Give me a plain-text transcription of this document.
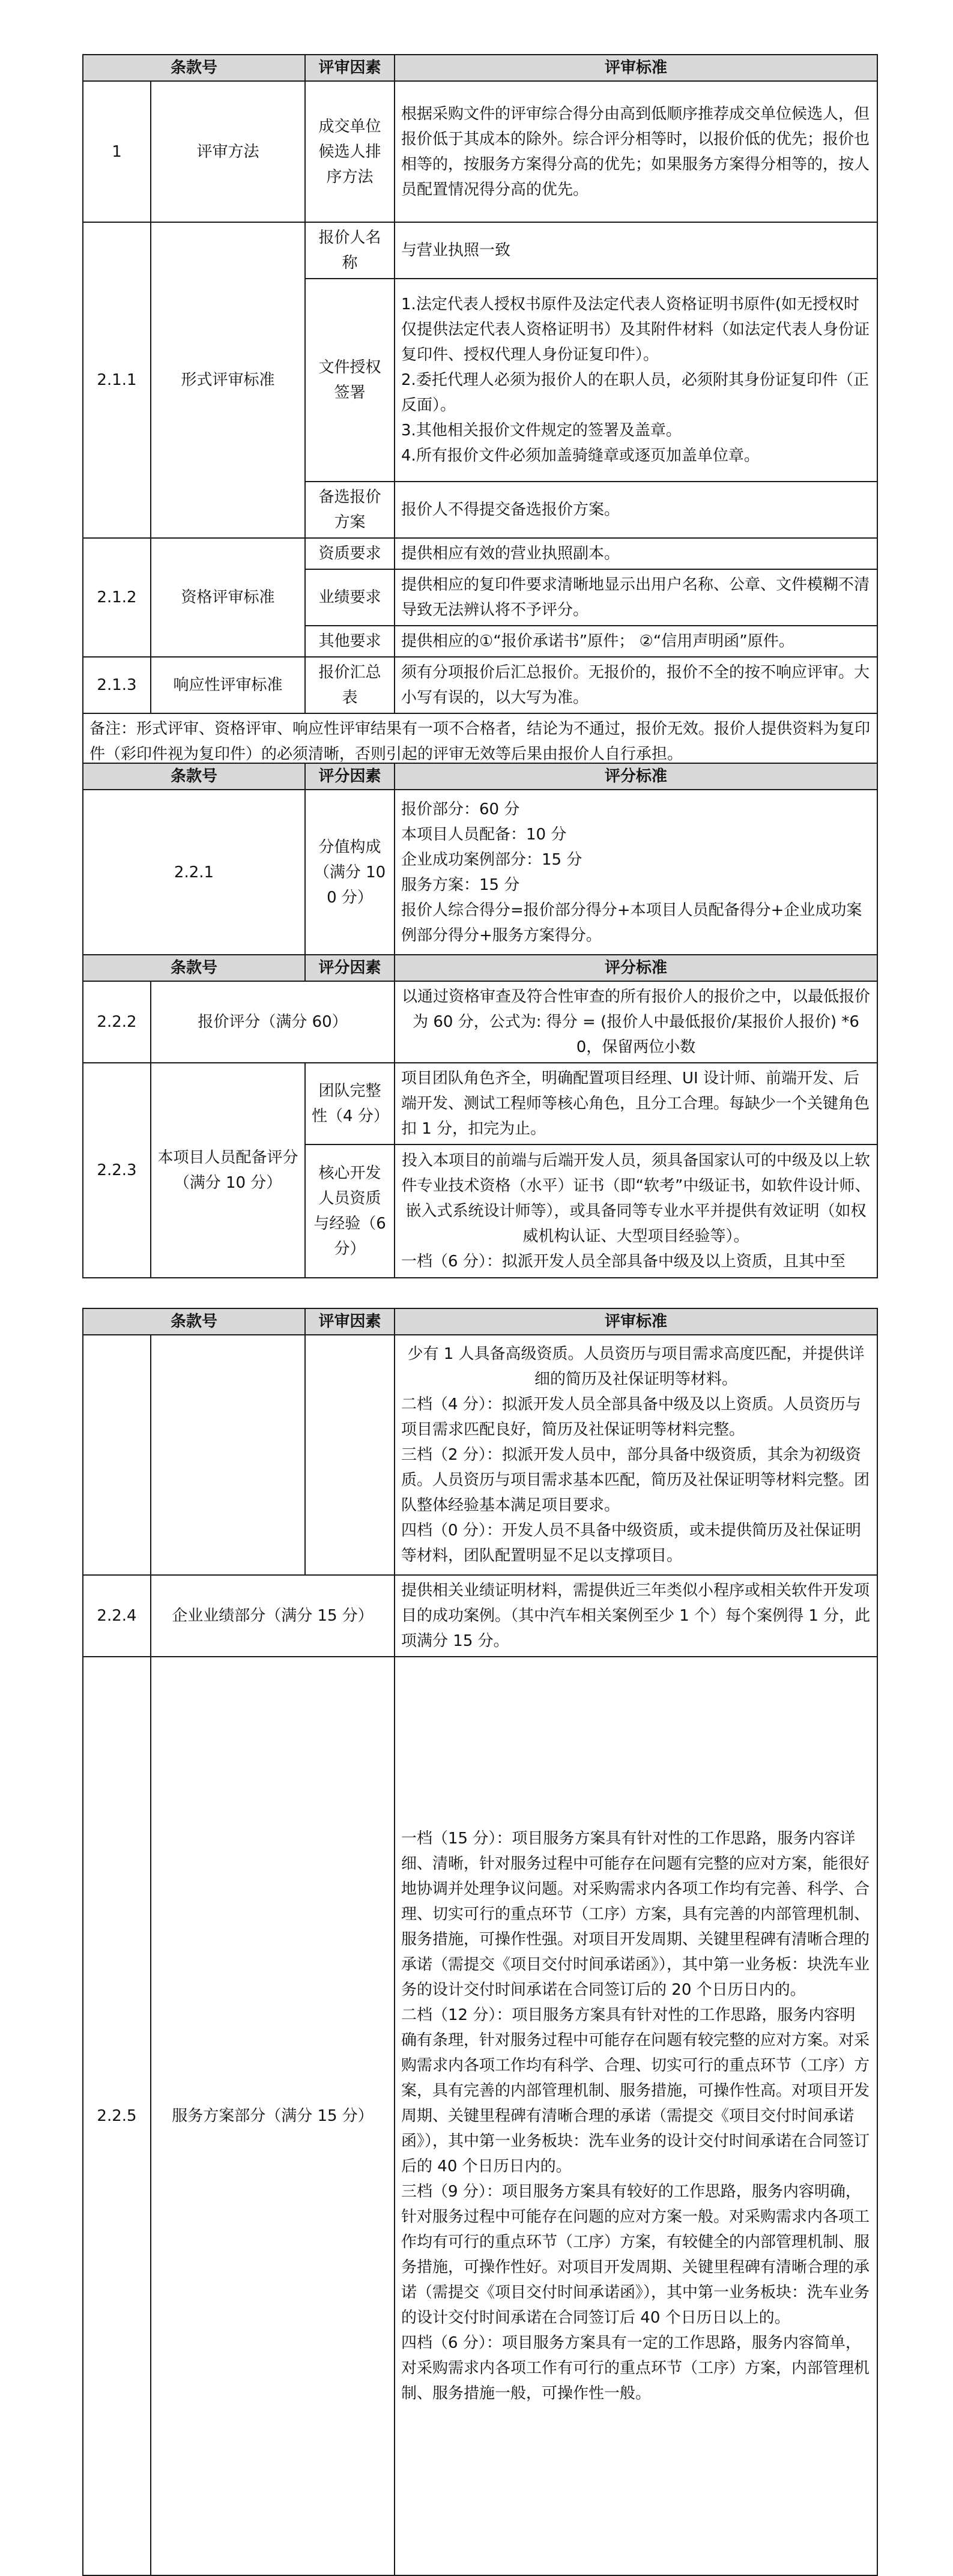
条款号		评审因素	评审标准
1	评审方法	成交单位候选人排序方法	根据采购文件的评审综合得分由高到低顺序推荐成交单位候选人，但报价低于其成本的除外。综合评分相等时，以报价低的优先；报价也相等的，按服务方案得分高的优先；如果服务方案得分相等的，按人员配置情况得分高的优先。
2.1.1	形式评审标准	报价人名称	与营业执照一致
		文件授权签署	1.法定代表人授权书原件及法定代表人资格证明书原件(如无授权时仅提供法定代表人资格证明书）及其附件材料（如法定代表人身份证复印件、授权代理人身份证复印件）。
2.委托代理人必须为报价人的在职人员，必须附其身份证复印件（正反面）。
3.其他相关报价文件规定的签署及盖章。
4.所有报价文件必须加盖骑缝章或逐页加盖单位章。

		备选报价方案	报价人不得提交备选报价方案。
2.1.2	资格评审标准	资质要求	提供相应有效的营业执照副本。
		业绩要求	提供相应的复印件要求清晰地显示出用户名称、公章、文件模糊不清导致无法辨认将不予评分。
		其他要求	提供相应的①“报价承诺书”原件； ②“信用声明函”原件。
2.1.3	响应性评审标准	报价汇总表	须有分项报价后汇总报价。无报价的，报价不全的按不响应评审。大小写有误的，以大写为准。
备注：形式评审、资格评审、响应性评审结果有一项不合格者，结论为不通过，报价无效。报价人提供资料为复印件（彩印件视为复印件）的必须清晰，否则引起的评审无效等后果由报价人自行承担。			
条款号		评分因素	评分标准
2.2.1		分值构成（满分 100 分）	报价部分：60 分
本项目人员配备：10 分
企业成功案例部分：15 分
服务方案：15 分
报价人综合得分=报价部分得分+本项目人员配备得分+企业成功案例部分得分+服务方案得分。

条款号		评分因素	评分标准
2.2.2	报价评分（满分 60）		以通过资格审查及符合性审查的所有报价人的报价之中，以最低报价为 60 分，公式为: 得分 = (报价人中最低报价/某报价人报价) *60，保留两位小数
2.2.3	本项目人员配备评分（满分 10 分）	团队完整性（4 分）	项目团队角色齐全，明确配置项目经理、UI 设计师、前端开发、后端开发、测试工程师等核心角色，且分工合理。每缺少一个关键角色扣 1 分，扣完为止。
		核心开发人员资质与经验（6 分）	投入本项目的前端与后端开发人员，须具备国家认可的中级及以上软件专业技术资格（水平）证书（即“软考”中级证书，如软件设计师、嵌入式系统设计师等），或具备同等专业水平并提供有效证明（如权威机构认证、大型项目经验等）。
一档（6 分）：拟派开发人员全部具备中级及以上资质，且其中至
条款号		评审因素	评审标准

			少有 1 人具备高级资质。人员资历与项目需求高度匹配，并提供详细的简历及社保证明等材料。
二档（4 分）：拟派开发人员全部具备中级及以上资质。人员资历与项目需求匹配良好，简历及社保证明等材料完整。
三档（2 分）：拟派开发人员中，部分具备中级资质，其余为初级资质。人员资历与项目需求基本匹配，简历及社保证明等材料完整。团队整体经验基本满足项目要求。
四档（0 分）：开发人员不具备中级资质，或未提供简历及社保证明等材料，团队配置明显不足以支撑项目。

2.2.4	企业业绩部分（满分 15 分）		提供相关业绩证明材料，需提供近三年类似小程序或相关软件开发项目的成功案例。（其中汽车相关案例至少 1 个）每个案例得 1 分，此项满分 15 分。
2.2.5	服务方案部分（满分 15 分）		一档（15 分）：项目服务方案具有针对性的工作思路，服务内容详细、清晰，针对服务过程中可能存在问题有完整的应对方案，能很好地协调并处理争议问题。对采购需求内各项工作均有完善、科学、合理、切实可行的重点环节（工序）方案，具有完善的内部管理机制、服务措施，可操作性强。对项目开发周期、关键里程碑有清晰合理的承诺（需提交《项目交付时间承诺函》），其中第一业务板：块洗车业务的设计交付时间承诺在合同签订后的 20 个日历日内的。
二档（12 分）：项目服务方案具有针对性的工作思路，服务内容明确有条理，针对服务过程中可能存在问题有较完整的应对方案。对采购需求内各项工作均有科学、合理、切实可行的重点环节（工序）方案，具有完善的内部管理机制、服务措施，可操作性高。对项目开发周期、关键里程碑有清晰合理的承诺（需提交《项目交付时间承诺函》），其中第一业务板块：洗车业务的设计交付时间承诺在合同签订后的 40 个日历日内的。
三档（9 分）：项目服务方案具有较好的工作思路，服务内容明确，针对服务过程中可能存在问题的应对方案一般。对采购需求内各项工作均有可行的重点环节（工序）方案，有较健全的内部管理机制、服务措施，可操作性好。对项目开发周期、关键里程碑有清晰合理的承诺（需提交《项目交付时间承诺函》），其中第一业务板块：洗车业务的设计交付时间承诺在合同签订后 40 个日历日以上的。
四档（6 分）：项目服务方案具有一定的工作思路，服务内容简单，对采购需求内各项工作有可行的重点环节（工序）方案，内部管理机制、服务措施一般，可操作性一般。
